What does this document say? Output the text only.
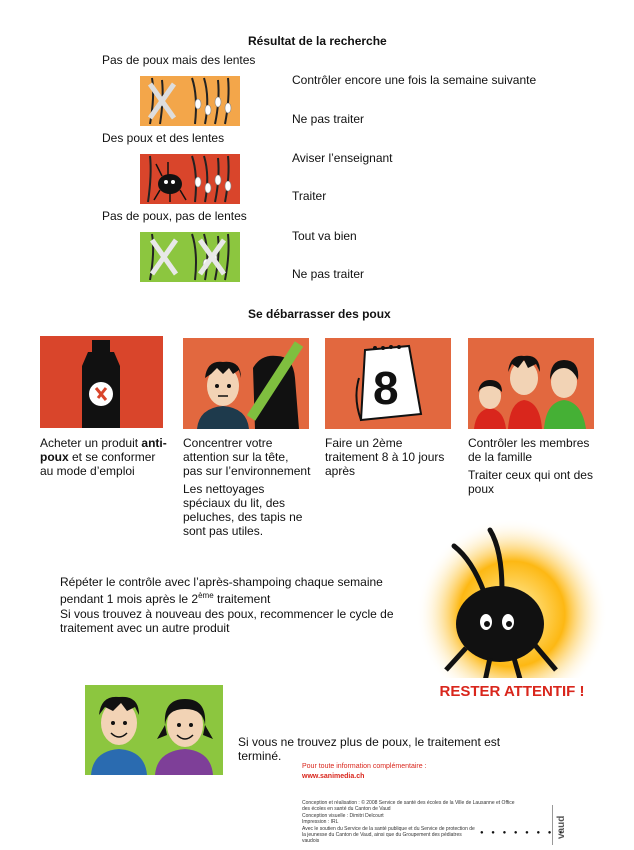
Résultat de la recherche
Pas de poux mais des lentes
Contrôler encore une fois la semaine suivante
Ne pas traiter
Des poux et des lentes
Aviser l’enseignant
Traiter
Pas de poux, pas de lentes
Tout va bien
Ne pas traiter
Se débarrasser des poux
Acheter un produit anti-
poux et se conformer au mode d’emploi
Concentrer votre attention sur la tête, pas sur l’environnement
Les nettoyages spéciaux du lit, des peluches, des tapis ne sont pas utiles.
8
Faire un 2ème traitement 8 à 10 jours après
Contrôler les membres de la famille
Traiter ceux qui ont des poux
Répéter le contrôle avec l’après-shampoing chaque semaine pendant 1 mois après le 2ème traitement
Si vous trouvez à nouveau des poux, recommencer le cycle de traitement avec un autre produit
RESTER ATTENTIF !
Si vous ne trouvez plus de poux, le traitement est terminé.
Pour toute information complémentaire :
www.sanimedia.ch
Conception et réalisation : © 2008 Service de santé des écoles de la Ville de Lausanne et Office des écoles en santé du Canton de Vaud
Conception visuelle : Dimitri Delcourt
Impression : IRL
Avec le soutien du Service de la santé publique et du Service de protection de la jeunesse du Canton de Vaud, ainsi que du Groupement des pédiatres vaudois
● ● ● ● ● ● ● ●
vaud
